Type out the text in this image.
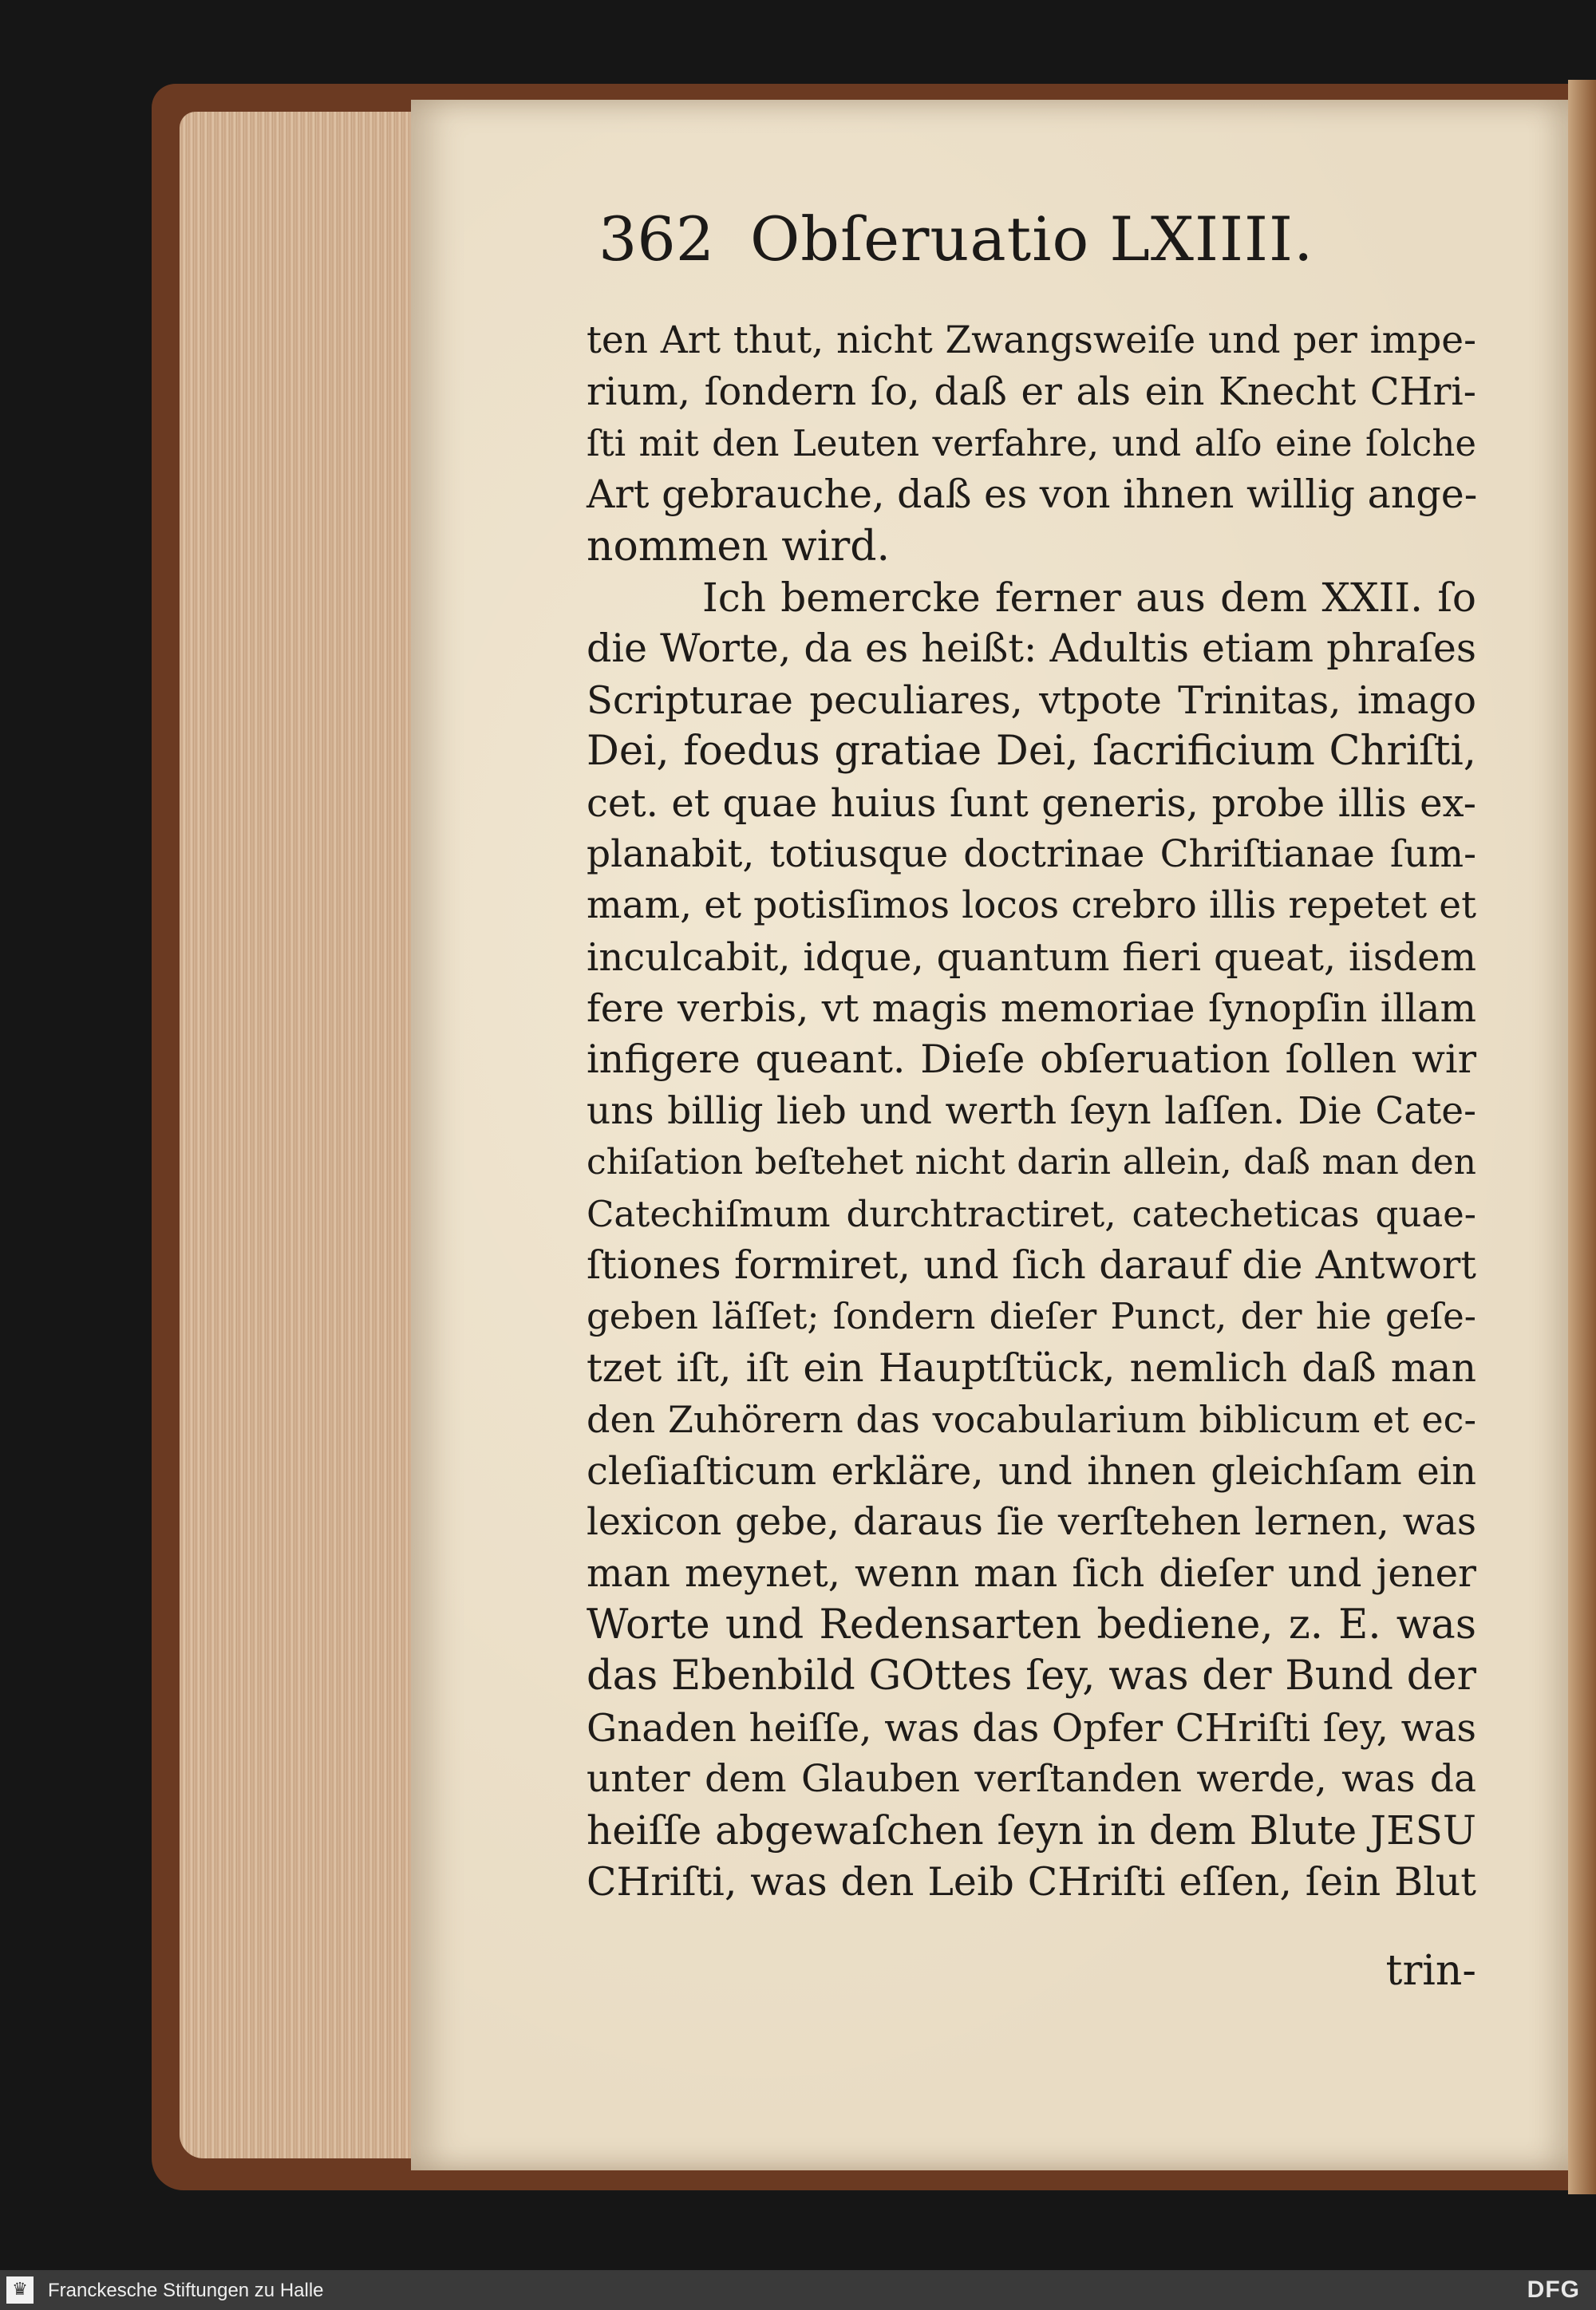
362 Obſeruatio LXIIII.
ten Art thut, nicht Zwangsweiſe und per impe-
rium, ſondern ſo, daß er als ein Knecht CHri-
ſti mit den Leuten verfahre, und alſo eine ſolche
Art gebrauche, daß es von ihnen willig ange-
nommen wird.
Ich bemercke ferner aus dem XXII. ſo
die Worte, da es heißt: Adultis etiam phraſes
Scripturae peculiares, vtpote Trinitas, imago
Dei, foedus gratiae Dei, ſacrificium Chriſti,
cet. et quae huius ſunt generis, probe illis ex-
planabit, totiusque doctrinae Chriſtianae ſum-
mam, et potisſimos locos crebro illis repetet et
inculcabit, idque, quantum fieri queat, iisdem
fere verbis, vt magis memoriae ſynopſin illam
infigere queant. Dieſe obſeruation ſollen wir
uns billig lieb und werth ſeyn laſſen. Die Cate-
chiſation beſtehet nicht darin allein, daß man den
Catechiſmum durchtractiret, catecheticas quae-
ſtiones formiret, und ſich darauf die Antwort
geben läſſet; ſondern dieſer Punct, der hie geſe-
tzet iſt, iſt ein Hauptſtück, nemlich daß man
den Zuhörern das vocabularium biblicum et ec-
cleſiaſticum erkläre, und ihnen gleichſam ein
lexicon gebe, daraus ſie verſtehen lernen, was
man meynet, wenn man ſich dieſer und jener
Worte und Redensarten bediene, z. E. was
das Ebenbild GOttes ſey, was der Bund der
Gnaden heiſſe, was das Opfer CHriſti ſey, was
unter dem Glauben verſtanden werde, was da
heiſſe abgewaſchen ſeyn in dem Blute JESU
CHriſti, was den Leib CHriſti eſſen, ſein Blut
trin-
♛ Franckesche Stiftungen zu Halle	DFG
